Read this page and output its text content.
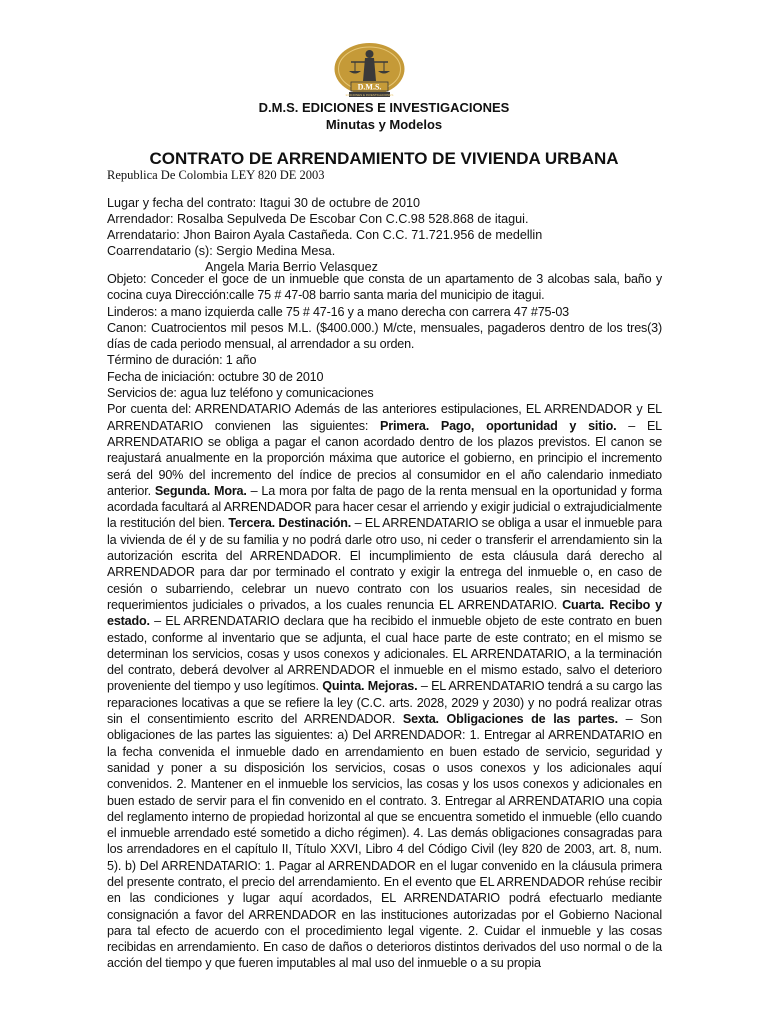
D.M.S.
EDICIONES E INVESTIGACIONES
D.M.S. EDICIONES E INVESTIGACIONES
Minutas y Modelos
CONTRATO DE ARRENDAMIENTO DE VIVIENDA URBANA

Republica De Colombia LEY 820 DE 2003

Lugar y fecha del contrato: Itagui 30 de octubre de 2010

Arrendador: Rosalba Sepulveda De Escobar Con C.C.98 528.868 de itagui.

Arrendatario: Jhon Bairon Ayala Castañeda. Con C.C. 71.721.956 de medellin

Coarrendatario (s): Sergio Medina Mesa.

Angela Maria Berrio Velasquez

Objeto: Conceder el goce de un inmueble que consta de un apartamento de 3 alcobas sala, baño y cocina cuya Dirección:calle 75 # 47-08 barrio santa maria del municipio de itagui.
Linderos: a mano izquierda calle 75 # 47-16 y a mano derecha con carrera 47 #75-03
Canon: Cuatrocientos mil pesos M.L. ($400.000.) M/cte, mensuales, pagaderos dentro de los tres(3) días de cada periodo mensual, al arrendador a su orden.
Término de duración: 1 año
Fecha de iniciación: octubre 30 de 2010
Servicios de: agua luz teléfono y comunicaciones
Por cuenta del: ARRENDATARIO Además de las anteriores estipulaciones, EL ARRENDADOR y EL ARRENDATARIO convienen las siguientes: Primera. Pago, oportunidad y sitio. – EL ARRENDATARIO se obliga a pagar el canon acordado dentro de los plazos previstos. El canon se reajustará anualmente en la proporción máxima que autorice el gobierno, en principio el incremento será del 90% del incremento del índice de precios al consumidor en el año calendario inmediato anterior. Segunda. Mora. – La mora por falta de pago de la renta mensual en la oportunidad y forma acordada facultará al ARRENDADOR para hacer cesar el arriendo y exigir judicial o extrajudicialmente la restitución del bien. Tercera. Destinación. – EL ARRENDATARIO se obliga a usar el inmueble para la vivienda de él y de su familia y no podrá darle otro uso, ni ceder o transferir el arrendamiento sin la autorización escrita del ARRENDADOR. El incumplimiento de esta cláusula dará derecho al ARRENDADOR para dar por terminado el contrato y exigir la entrega del inmueble o, en caso de cesión o subarriendo, celebrar un nuevo contrato con los usuarios reales, sin necesidad de requerimientos judiciales o privados, a los cuales renuncia EL ARRENDATARIO. Cuarta. Recibo y estado. – EL ARRENDATARIO declara que ha recibido el inmueble objeto de este contrato en buen estado, conforme al inventario que se adjunta, el cual hace parte de este contrato; en el mismo se determinan los servicios, cosas y usos conexos y adicionales. EL ARRENDATARIO, a la terminación del contrato, deberá devolver al ARRENDADOR el inmueble en el mismo estado, salvo el deterioro proveniente del tiempo y uso legítimos. Quinta. Mejoras. – EL ARRENDATARIO tendrá a su cargo las reparaciones locativas a que se refiere la ley (C.C. arts. 2028, 2029 y 2030) y no podrá realizar otras sin el consentimiento escrito del ARRENDADOR. Sexta. Obligaciones de las partes. – Son obligaciones de las partes las siguientes: a) Del ARRENDADOR: 1. Entregar al ARRENDATARIO en la fecha convenida el inmueble dado en arrendamiento en buen estado de servicio, seguridad y sanidad y poner a su disposición los servicios, cosas o usos conexos y los adicionales aquí convenidos. 2. Mantener en el inmueble los servicios, las cosas y los usos conexos y adicionales en buen estado de servir para el fin convenido en el contrato. 3. Entregar al ARRENDATARIO una copia del reglamento interno de propiedad horizontal al que se encuentra sometido el inmueble (ello cuando el inmueble arrendado esté sometido a dicho régimen). 4. Las demás obligaciones consagradas para los arrendadores en el capítulo II, Título XXVI, Libro 4 del Código Civil (ley 820 de 2003, art. 8, num. 5). b) Del ARRENDATARIO: 1. Pagar al ARRENDADOR en el lugar convenido en la cláusula primera del presente contrato, el precio del arrendamiento. En el evento que EL ARRENDADOR rehúse recibir en las condiciones y lugar aquí acordados, EL ARRENDATARIO podrá efectuarlo mediante consignación a favor del ARRENDADOR en las instituciones autorizadas por el Gobierno Nacional para tal efecto de acuerdo con el procedimiento legal vigente. 2. Cuidar el inmueble y las cosas recibidas en arrendamiento. En caso de daños o deterioros distintos derivados del uso normal o de la acción del tiempo y que fueren imputables al mal uso del inmueble o a su propia
